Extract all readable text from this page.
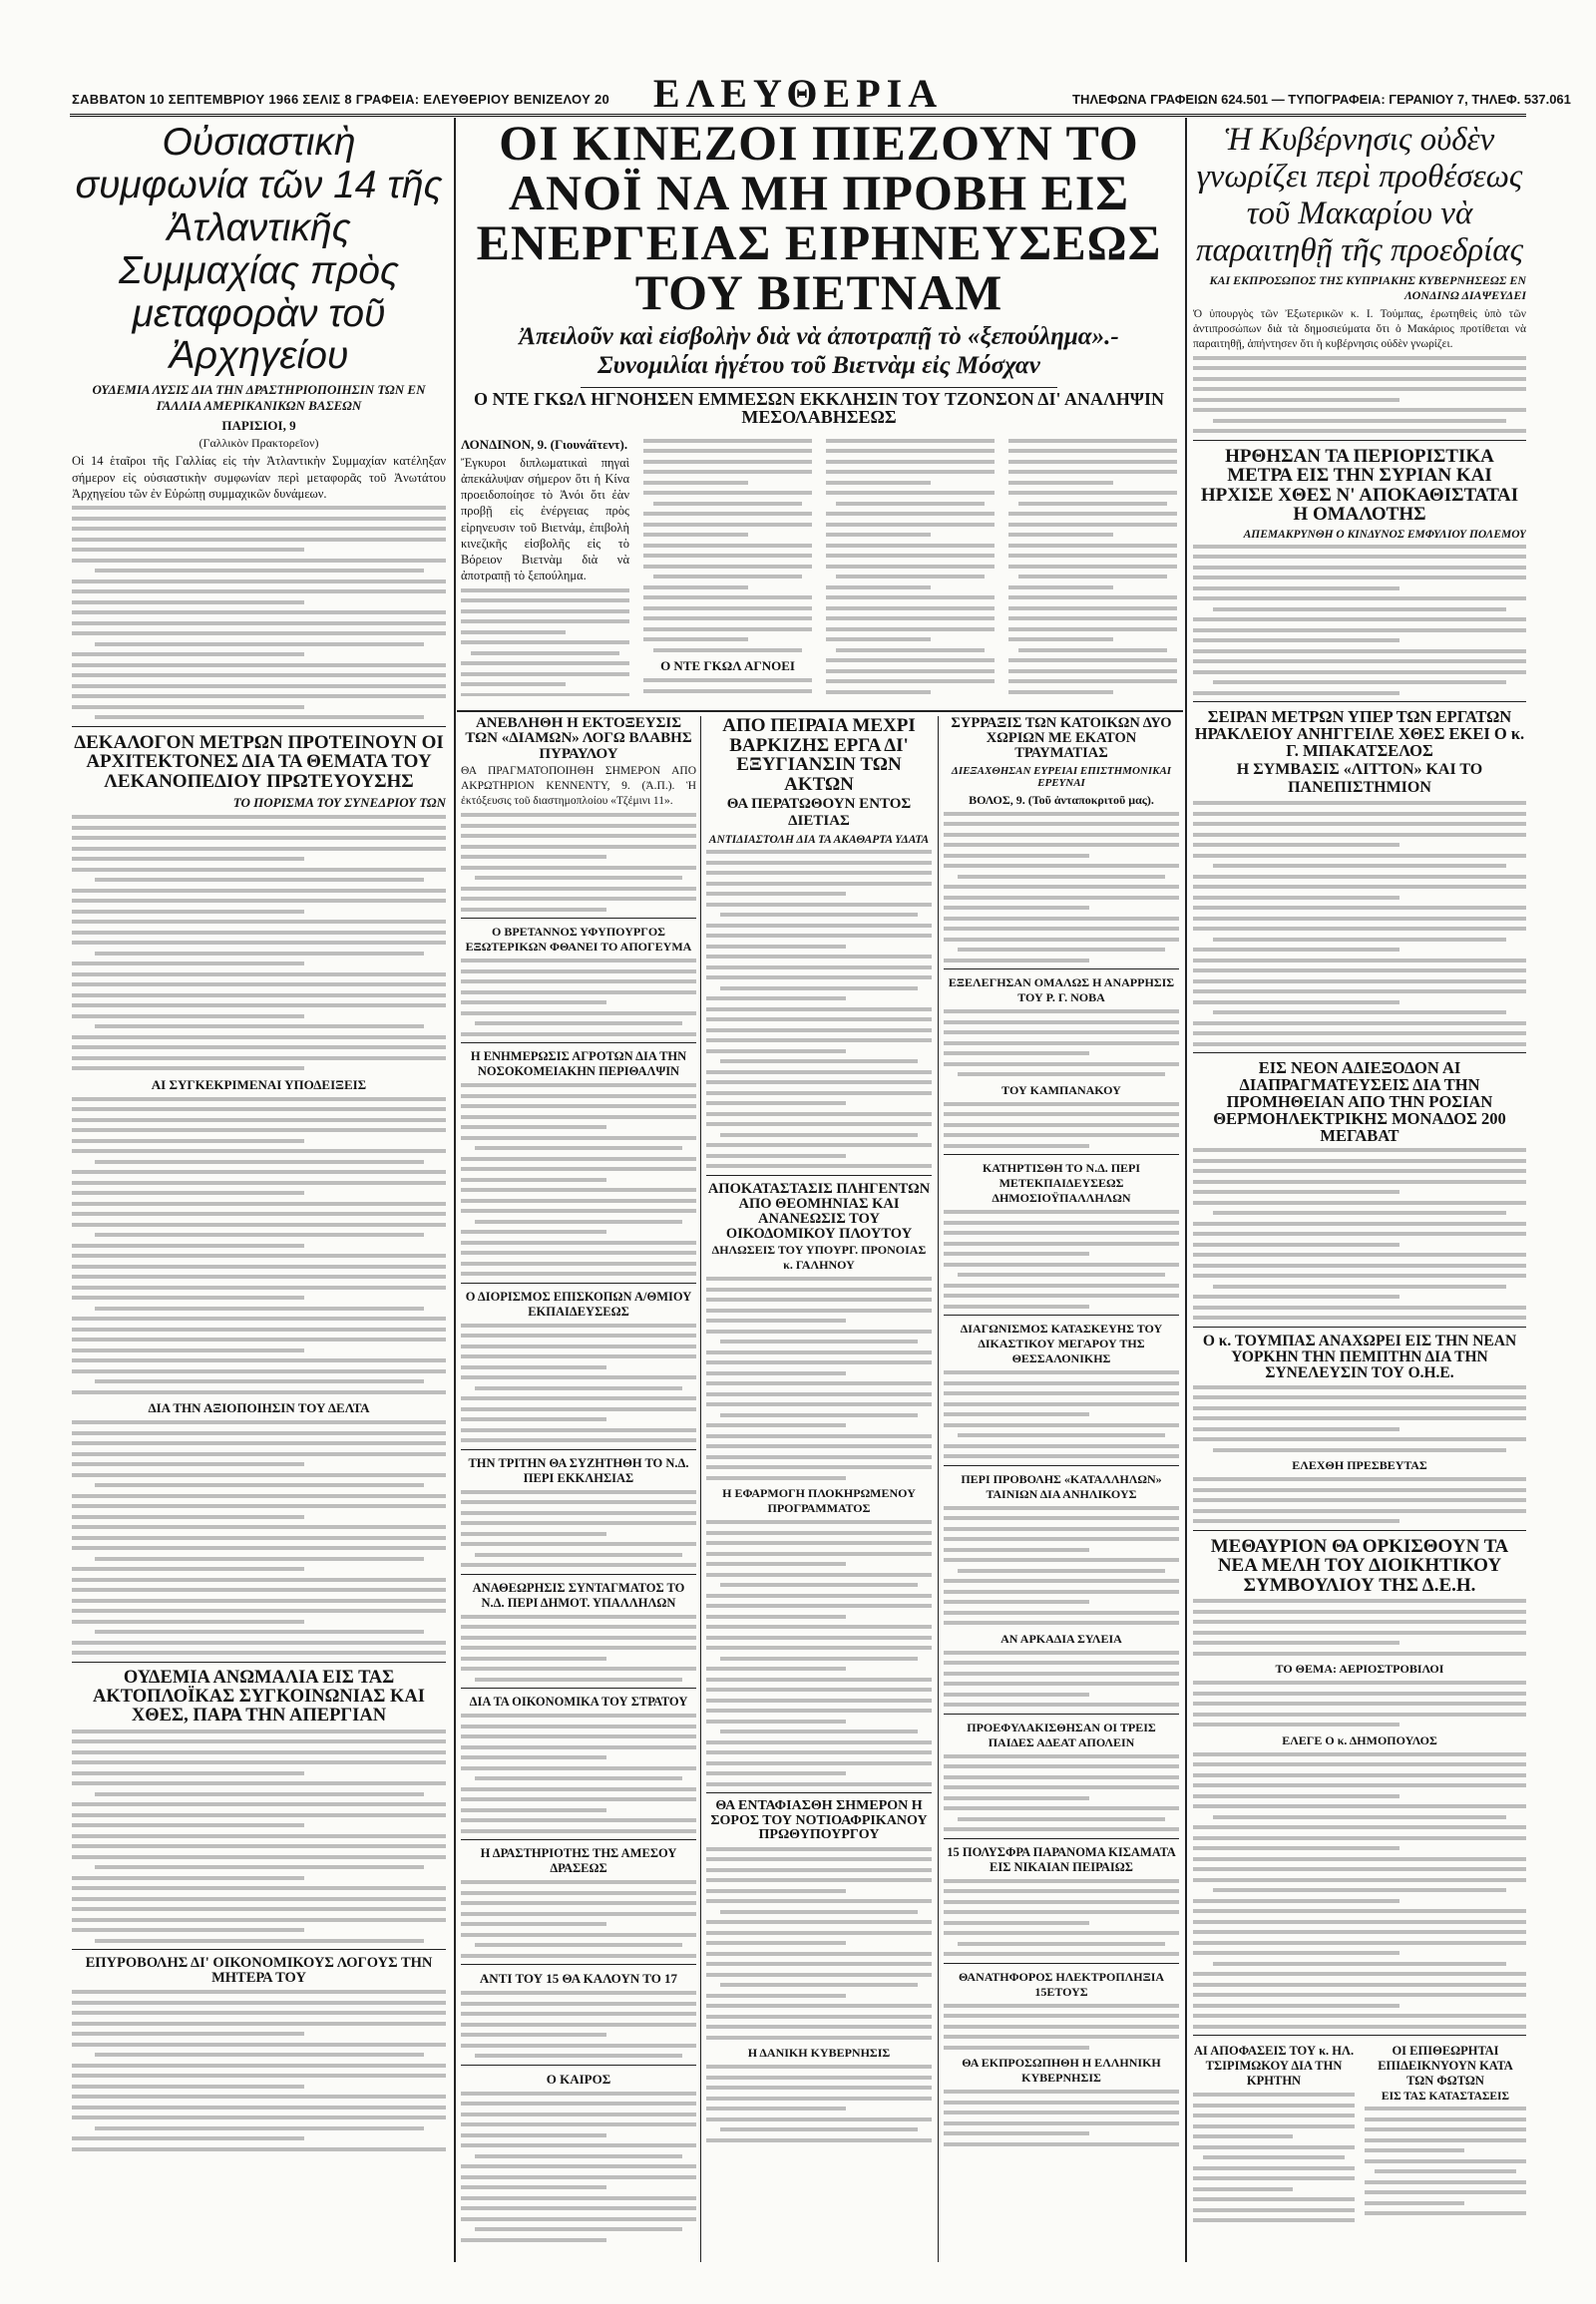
ΣΑΒΒΑΤΟΝ 10 ΣΕΠΤΕΜΒΡΙΟΥ 1966 ΣΕΛΙΣ 8 ΓΡΑΦΕΙΑ: ΕΛΕΥΘΕΡΙΟΥ ΒΕΝΙΖΕΛΟΥ 20	ΕΛΕΥΘΕΡΙΑ	ΤΗΛΕΦΩΝΑ ΓΡΑΦΕΙΩΝ 624.501 — ΤΥΠΟΓΡΑΦΕΙΑ: ΓΕΡΑΝΙΟΥ 7, ΤΗΛΕΦ. 537.061
Οὐσιαστικὴ συμφωνία τῶν 14 τῆς Ἀτλαντικῆς Συμμαχίας πρὸς μεταφορὰν τοῦ Ἀρχηγείου
ΟΥΔΕΜΙΑ ΛΥΣΙΣ ΔΙΑ ΤΗΝ ΔΡΑΣΤΗΡΙΟΠΟΙΗΣΙΝ ΤΩΝ ΕΝ ΓΑΛΛΙΑ ΑΜΕΡΙΚΑΝΙΚΩΝ ΒΑΣΕΩΝ
ΠΑΡΙΣΙΟΙ, 9
(Γαλλικὸν Πρακτορεῖον)

Οἱ 14 ἑταῖροι τῆς Γαλλίας εἰς τὴν Ἀτλαντικὴν Συμμαχίαν κατέληξαν σήμερον εἰς οὐσιαστικὴν συμφωνίαν περὶ μεταφορᾶς τοῦ Ἀνωτάτου Ἀρχηγείου τῶν ἐν Εὐρώπῃ συμμαχικῶν δυνάμεων.

ΔΕΚΑΛΟΓΟΝ ΜΕΤΡΩΝ ΠΡΟΤΕΙΝΟΥΝ ΟΙ ΑΡΧΙΤΕΚΤΟΝΕΣ ΔΙΑ ΤΑ ΘΕΜΑΤΑ ΤΟΥ ΛΕΚΑΝΟΠΕΔΙΟΥ ΠΡΩΤΕΥΟΥΣΗΣ
ΤΟ ΠΟΡΙΣΜΑ ΤΟΥ ΣΥΝΕΔΡΙΟΥ ΤΩΝ
ΑΙ ΣΥΓΚΕΚΡΙΜΕΝΑΙ ΥΠΟΔΕΙΞΕΙΣ
ΔΙΑ ΤΗΝ ΑΞΙΟΠΟΙΗΣΙΝ ΤΟΥ ΔΕΛΤΑ
ΟΥΔΕΜΙΑ ΑΝΩΜΑΛΙΑ ΕΙΣ ΤΑΣ ΑΚΤΟΠΛΟΪΚΑΣ ΣΥΓΚΟΙΝΩΝΙΑΣ ΚΑΙ ΧΘΕΣ, ΠΑΡΑ ΤΗΝ ΑΠΕΡΓΙΑΝ
ΕΠΥΡΟΒΟΛΗΣ ΔΙ' ΟΙΚΟΝΟΜΙΚΟΥΣ ΛΟΓΟΥΣ ΤΗΝ ΜΗΤΕΡΑ ΤΟΥ
ΟΙ ΚΙΝΕΖΟΙ ΠΙΕΖΟΥΝ ΤΟ ΑΝΟΪ ΝΑ ΜΗ ΠΡΟΒΗ ΕΙΣ ΕΝΕΡΓΕΙΑΣ ΕΙΡΗΝΕΥΣΕΩΣ ΤΟΥ ΒΙΕΤΝΑΜ
Ἀπειλοῦν καὶ εἰσβολὴν διὰ νὰ ἀποτραπῇ τὸ «ξεπούλημα».- Συνομιλίαι ἡγέτου τοῦ Βιετνὰμ εἰς Μόσχαν
Ο ΝΤΕ ΓΚΩΛ ΗΓΝΟΗΣΕΝ ΕΜΜΕΣΩΝ ΕΚΚΛΗΣΙΝ ΤΟΥ ΤΖΟΝΣΟΝ ΔΙ' ΑΝΑΛΗΨΙΝ ΜΕΣΟΛΑΒΗΣΕΩΣ
ΛΟΝΔΙΝΟΝ, 9. (Γιουνάϊτεντ).

Ἔγκυροι διπλωματικαὶ πηγαὶ ἀπεκάλυψαν σήμερον ὅτι ἡ Κίνα προειδοποίησε τὸ Ἀνόι ὅτι ἐὰν προβῇ εἰς ἐνέργειας πρὸς εἰρηνευσιν τοῦ Βιετνάμ, ἐπιβολὴ κινεζικῆς εἰσβολῆς εἰς τὸ Βόρειον Βιετνὰμ διὰ νὰ ἀποτραπῇ τὸ ξεπούλημα.

Ο ΝΤΕ ΓΚΩΛ ΑΓΝΟΕΙ
ΑΝΕΒΛΗΘΗ Η ΕΚΤΟΞΕΥΣΙΣ ΤΩΝ «ΔΙΑΜΩΝ» ΛΟΓΩ ΒΛΑΒΗΣ ΠΥΡΑΥΛΟΥ

ΘΑ ΠΡΑΓΜΑΤΟΠΟΙΗΘΗ ΣΗΜΕΡΟΝ ΑΠΟ ΑΚΡΩΤΗΡΙΟΝ ΚΕΝΝΕΝΤΥ, 9. (Ἀ.Π.). Ἡ ἐκτόξευσις τοῦ διαστημοπλοίου «Τζέμινι 11».

Ο ΒΡΕΤΑΝΝΟΣ ΥΦΥΠΟΥΡΓΟΣ ΕΞΩΤΕΡΙΚΩΝ ΦΘΑΝΕΙ ΤΟ ΑΠΟΓΕΥΜΑ
Η ΕΝΗΜΕΡΩΣΙΣ ΑΓΡΟΤΩΝ ΔΙΑ ΤΗΝ ΝΟΣΟΚΟΜΕΙΑΚΗΝ ΠΕΡΙΘΑΛΨΙΝ
Ο ΔΙΟΡΙΣΜΟΣ ΕΠΙΣΚΟΠΩΝ Α/ΘΜΙΟΥ ΕΚΠΑΙΔΕΥΣΕΩΣ
ΤΗΝ ΤΡΙΤΗΝ ΘΑ ΣΥΖΗΤΗΘΗ ΤΟ Ν.Δ. ΠΕΡΙ ΕΚΚΛΗΣΙΑΣ
ΑΝΑΘΕΩΡΗΣΙΣ ΣΥΝΤΑΓΜΑΤΟΣ ΤΟ Ν.Δ. ΠΕΡΙ ΔΗΜΟΤ. ΥΠΑΛΛΗΛΩΝ
ΔΙΑ ΤΑ ΟΙΚΟΝΟΜΙΚΑ ΤΟΥ ΣΤΡΑΤΟΥ
Η ΔΡΑΣΤΗΡΙΟΤΗΣ ΤΗΣ ΑΜΕΣΟΥ ΔΡΑΣΕΩΣ
ΑΝΤΙ ΤΟΥ 15 ΘΑ ΚΑΛΟΥΝ ΤΟ 17
Ο ΚΑΙΡΟΣ
ΑΠΟ ΠΕΙΡΑΙΑ ΜΕΧΡΙ ΒΑΡΚΙΖΗΣ ΕΡΓΑ ΔΙ' ΕΞΥΓΙΑΝΣΙΝ ΤΩΝ ΑΚΤΩΝ
ΘΑ ΠΕΡΑΤΩΘΟΥΝ ΕΝΤΟΣ ΔΙΕΤΙΑΣ
ΑΝΤΙΔΙΑΣΤΟΛΗ ΔΙΑ ΤΑ ΑΚΑΘΑΡΤΑ ΥΔΑΤΑ
ΑΠΟΚΑΤΑΣΤΑΣΙΣ ΠΛΗΓΕΝΤΩΝ ΑΠΟ ΘΕΟΜΗΝΙΑΣ ΚΑΙ ΑΝΑΝΕΩΣΙΣ ΤΟΥ ΟΙΚΟΔΟΜΙΚΟΥ ΠΛΟΥΤΟΥ
ΔΗΛΩΣΕΙΣ ΤΟΥ ΥΠΟΥΡΓ. ΠΡΟΝΟΙΑΣ κ. ΓΑΛΗΝΟΥ
Η ΕΦΑΡΜΟΓΗ ΠΛΟΚΗΡΩΜΕΝΟΥ ΠΡΟΓΡΑΜΜΑΤΟΣ
ΘΑ ΕΝΤΑΦΙΑΣΘΗ ΣΗΜΕΡΟΝ Η ΣΟΡΟΣ ΤΟΥ ΝΟΤΙΟΑΦΡΙΚΑΝΟΥ ΠΡΩΘΥΠΟΥΡΓΟΥ
Η ΔΑΝΙΚΗ ΚΥΒΕΡΝΗΣΙΣ
ΣΥΡΡΑΞΙΣ ΤΩΝ ΚΑΤΟΙΚΩΝ ΔΥΟ ΧΩΡΙΩΝ ΜΕ ΕΚΑΤΟΝ ΤΡΑΥΜΑΤΙΑΣ
ΔΙΕΞΑΧΘΗΣΑΝ ΕΥΡΕΙΑΙ ΕΠΙΣΤΗΜΟΝΙΚΑΙ ΕΡΕΥΝΑΙ
ΒΟΛΟΣ, 9. (Τοῦ ἀνταποκριτοῦ μας).
ΕΞΕΛΕΓΗΣΑΝ ΟΜΑΛΩΣ Η ΑΝΑΡΡΗΣΙΣ ΤΟΥ Ρ. Γ. ΝΟΒΑ
ΤΟΥ ΚΑΜΠΑΝΑΚΟΥ
ΚΑΤΗΡΤΙΣΘΗ ΤΟ Ν.Δ. ΠΕΡΙ ΜΕΤΕΚΠΑΙΔΕΥΣΕΩΣ ΔΗΜΟΣΙΟΫΠΑΛΛΗΛΩΝ
ΔΙΑΓΩΝΙΣΜΟΣ ΚΑΤΑΣΚΕΥΗΣ ΤΟΥ ΔΙΚΑΣΤΙΚΟΥ ΜΕΓΑΡΟΥ ΤΗΣ ΘΕΣΣΑΛΟΝΙΚΗΣ
ΠΕΡΙ ΠΡΟΒΟΛΗΣ «ΚΑΤΑΛΛΗΛΩΝ» ΤΑΙΝΙΩΝ ΔΙΑ ΑΝΗΛΙΚΟΥΣ
ΑΝ ΑΡΚΑΔΙΑ ΣΥΛΕΙΑ
ΠΡΟΕΦΥΛΑΚΙΣΘΗΣΑΝ ΟΙ ΤΡΕΙΣ ΠΑΙΔΕΣ ΑΔΕΑΤ ΑΠΟΛΕΙΝ
15 ΠΟΛΥΣΦΡΑ ΠΑΡΑΝΟΜΑ ΚΙΣΑΜΑΤΑ ΕΙΣ ΝΙΚΑΙΑΝ ΠΕΙΡΑΙΩΣ
ΘΑΝΑΤΗΦΟΡΟΣ ΗΛΕΚΤΡΟΠΛΗΞΙΑ 15ΕΤΟΥΣ
ΘΑ ΕΚΠΡΟΣΩΠΗΘΗ Η ΕΛΛΗΝΙΚΗ ΚΥΒΕΡΝΗΣΙΣ
Ἡ Κυβέρνησις οὐδὲν γνωρίζει περὶ προθέσεως τοῦ Μακαρίου νὰ παραιτηθῇ τῆς προεδρίας
ΚΑΙ ΕΚΠΡΟΣΩΠΟΣ ΤΗΣ ΚΥΠΡΙΑΚΗΣ ΚΥΒΕΡΝΗΣΕΩΣ ΕΝ ΛΟΝΔΙΝΩ ΔΙΑΨΕΥΔΕΙ

Ὁ ὑπουργὸς τῶν Ἐξωτερικῶν κ. Ι. Τούμπας, ἐρωτηθεὶς ὑπὸ τῶν ἀντιπροσώπων διὰ τὰ δημοσιεύματα ὅτι ὁ Μακάριος προτίθεται νὰ παραιτηθῇ, ἀπήντησεν ὅτι ἡ κυβέρνησις οὐδὲν γνωρίζει.

ΗΡΘΗΣΑΝ ΤΑ ΠΕΡΙΟΡΙΣΤΙΚΑ ΜΕΤΡΑ ΕΙΣ ΤΗΝ ΣΥΡΙΑΝ ΚΑΙ ΗΡΧΙΣΕ ΧΘΕΣ Ν' ΑΠΟΚΑΘΙΣΤΑΤΑΙ Η ΟΜΑΛΟΤΗΣ
ΑΠΕΜΑΚΡΥΝΘΗ Ο ΚΙΝΔΥΝΟΣ ΕΜΦΥΛΙΟΥ ΠΟΛΕΜΟΥ
ΣΕΙΡΑΝ ΜΕΤΡΩΝ ΥΠΕΡ ΤΩΝ ΕΡΓΑΤΩΝ ΗΡΑΚΛΕΙΟΥ ΑΝΗΓΓΕΙΛΕ ΧΘΕΣ ΕΚΕΙ Ο κ. Γ. ΜΠΑΚΑΤΣΕΛΟΣ
Η ΣΥΜΒΑΣΙΣ «ΛΙΤΤΟΝ» ΚΑΙ ΤΟ ΠΑΝΕΠΙΣΤΗΜΙΟΝ
ΕΙΣ ΝΕΟΝ ΑΔΙΕΞΟΔΟΝ ΑΙ ΔΙΑΠΡΑΓΜΑΤΕΥΣΕΙΣ ΔΙΑ ΤΗΝ ΠΡΟΜΗΘΕΙΑΝ ΑΠΟ ΤΗΝ ΡΟΣΙΑΝ ΘΕΡΜΟΗΛΕΚΤΡΙΚΗΣ ΜΟΝΑΔΟΣ 200 ΜΕΓΑΒΑΤ
Ο κ. ΤΟΥΜΠΑΣ ΑΝΑΧΩΡΕΙ ΕΙΣ ΤΗΝ ΝΕΑΝ ΥΟΡΚΗΝ ΤΗΝ ΠΕΜΠΤΗΝ ΔΙΑ ΤΗΝ ΣΥΝΕΛΕΥΣΙΝ ΤΟΥ Ο.Η.Ε.
ΕΛΕΧΘΗ ΠΡΕΣΒΕΥΤΑΣ
ΜΕΘΑΥΡΙΟΝ ΘΑ ΟΡΚΙΣΘΟΥΝ ΤΑ ΝΕΑ ΜΕΛΗ ΤΟΥ ΔΙΟΙΚΗΤΙΚΟΥ ΣΥΜΒΟΥΛΙΟΥ ΤΗΣ Δ.Ε.Η.
ΤΟ ΘΕΜΑ: ΑΕΡΙΟΣΤΡΟΒΙΛΟΙ
ΕΛΕΓΕ Ο κ. ΔΗΜΟΠΟΥΛΟΣ
ΑΙ ΑΠΟΦΑΣΕΙΣ ΤΟΥ κ. ΗΛ. ΤΣΙΡΙΜΩΚΟΥ ΔΙΑ ΤΗΝ ΚΡΗΤΗΝ
ΟΙ ΕΠΙΘΕΩΡΗΤΑΙ ΕΠΙΔΕΙΚΝΥΟΥΝ ΚΑΤΑ ΤΩΝ ΦΩΤΩΝ
ΕΙΣ ΤΑΣ ΚΑΤΑΣΤΑΣΕΙΣ
